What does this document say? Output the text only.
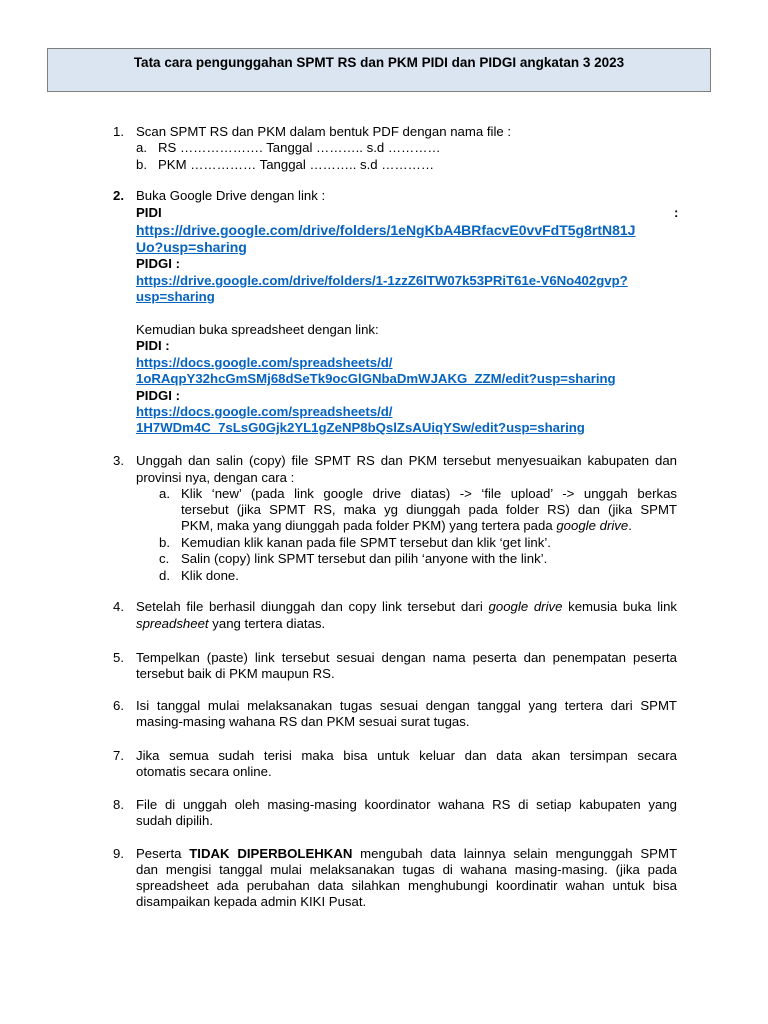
Tata cara pengunggahan SPMT RS dan PKM PIDI dan PIDGI angkatan 3 2023
1. Scan SPMT RS dan PKM dalam bentuk PDF dengan nama file :
a. RS ………………. Tanggal ……….. s.d …………
b. PKM …………… Tanggal ……….. s.d …………
2. Buka Google Drive dengan link :
PIDI	:
https://drive.google.com/drive/folders/1eNgKbA4BRfacvE0vvFdT5g8rtN81J
Uo?usp=sharing
PIDGI :
https://drive.google.com/drive/folders/1-1zzZ6lTW07k53PRiT61e-V6No402gvp?
usp=sharing
Kemudian buka spreadsheet dengan link:
PIDI :
https://docs.google.com/spreadsheets/d/
1oRAqpY32hcGmSMj68dSeTk9ocGlGNbaDmWJAKG_ZZM/edit?usp=sharing
PIDGI :
https://docs.google.com/spreadsheets/d/
1H7WDm4C_7sLsG0Gjk2YL1gZeNP8bQslZsAUiqYSw/edit?usp=sharing
3. Unggah dan salin (copy) file SPMT RS dan PKM tersebut menyesuaikan kabupaten dan
provinsi nya, dengan cara :
a. Klik ‘new’ (pada link google drive diatas) -> ‘file upload’ -> unggah berkas
tersebut (jika SPMT RS, maka yg diunggah pada folder RS) dan (jika SPMT
PKM, maka yang diunggah pada folder PKM) yang tertera pada google drive.
b. Kemudian klik kanan pada file SPMT tersebut dan klik ‘get link’.
c. Salin (copy) link SPMT tersebut dan pilih ‘anyone with the link’.
d. Klik done.
4. Setelah file berhasil diunggah dan copy link tersebut dari google drive kemusia buka link
spreadsheet yang tertera diatas.
5. Tempelkan (paste) link tersebut sesuai dengan nama peserta dan penempatan peserta
tersebut baik di PKM maupun RS.
6. Isi tanggal mulai melaksanakan tugas sesuai dengan tanggal yang tertera dari SPMT
masing-masing wahana RS dan PKM sesuai surat tugas.
7. Jika semua sudah terisi maka bisa untuk keluar dan data akan tersimpan secara
otomatis secara online.
8. File di unggah oleh masing-masing koordinator wahana RS di setiap kabupaten yang
sudah dipilih.
9. Peserta TIDAK DIPERBOLEHKAN mengubah data lainnya selain mengunggah SPMT
dan mengisi tanggal mulai melaksanakan tugas di wahana masing-masing. (jika pada
spreadsheet ada perubahan data silahkan menghubungi koordinatir wahan untuk bisa
disampaikan kepada admin KIKI Pusat.
